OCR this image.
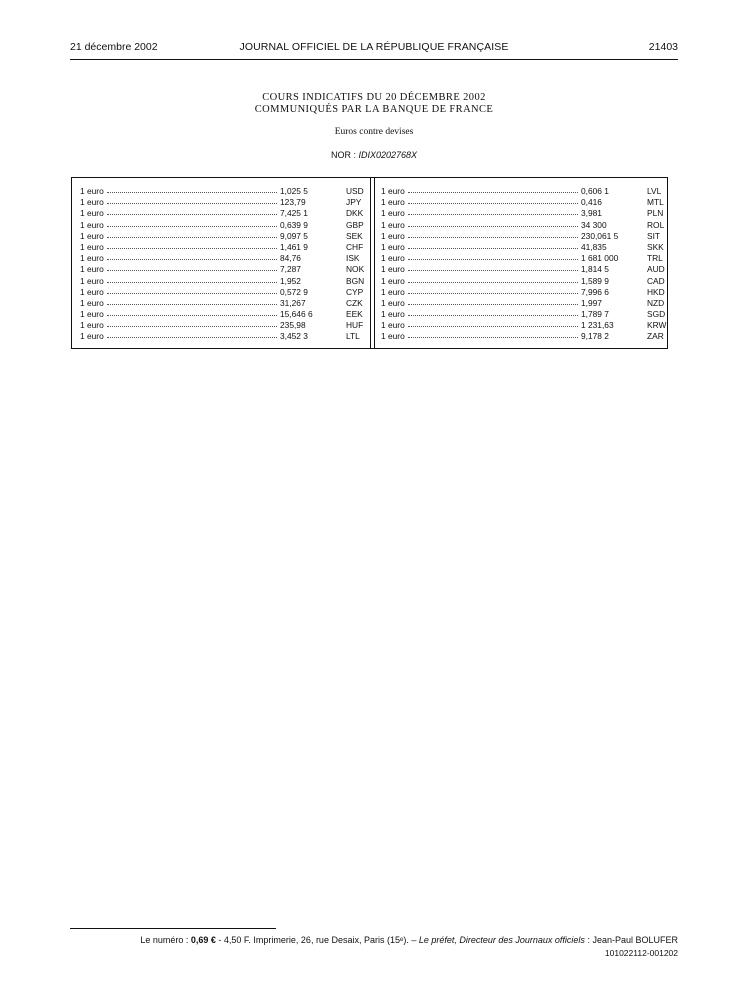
21 décembre 2002	JOURNAL OFFICIEL DE LA RÉPUBLIQUE FRANÇAISE	21403
COURS INDICATIFS DU 20 DÉCEMBRE 2002
COMMUNIQUÉS PAR LA BANQUE DE FRANCE
Euros contre devises
NOR : IDIX0202768X
1 euro	1,025 5	USD
1 euro	123,79	JPY
1 euro	7,425 1	DKK
1 euro	0,639 9	GBP
1 euro	9,097 5	SEK
1 euro	1,461 9	CHF
1 euro	84,76	ISK
1 euro	7,287	NOK
1 euro	1,952	BGN
1 euro	0,572 9	CYP
1 euro	31,267	CZK
1 euro	15,646 6	EEK
1 euro	235,98	HUF
1 euro	3,452 3	LTL
1 euro	0,606 1	LVL
1 euro	0,416	MTL
1 euro	3,981	PLN
1 euro	34 300	ROL
1 euro	230,061 5	SIT
1 euro	41,835	SKK
1 euro	1 681 000	TRL
1 euro	1,814 5	AUD
1 euro	1,589 9	CAD
1 euro	7,996 6	HKD
1 euro	1,997	NZD
1 euro	1,789 7	SGD
1 euro	1 231,63	KRW
1 euro	9,178 2	ZAR
Le numéro : 0,69 € - 4,50 F. Imprimerie, 26, rue Desaix, Paris (15ᵉ). – Le préfet, Directeur des Journaux officiels : Jean-Paul BOLUFER
101022112-001202
